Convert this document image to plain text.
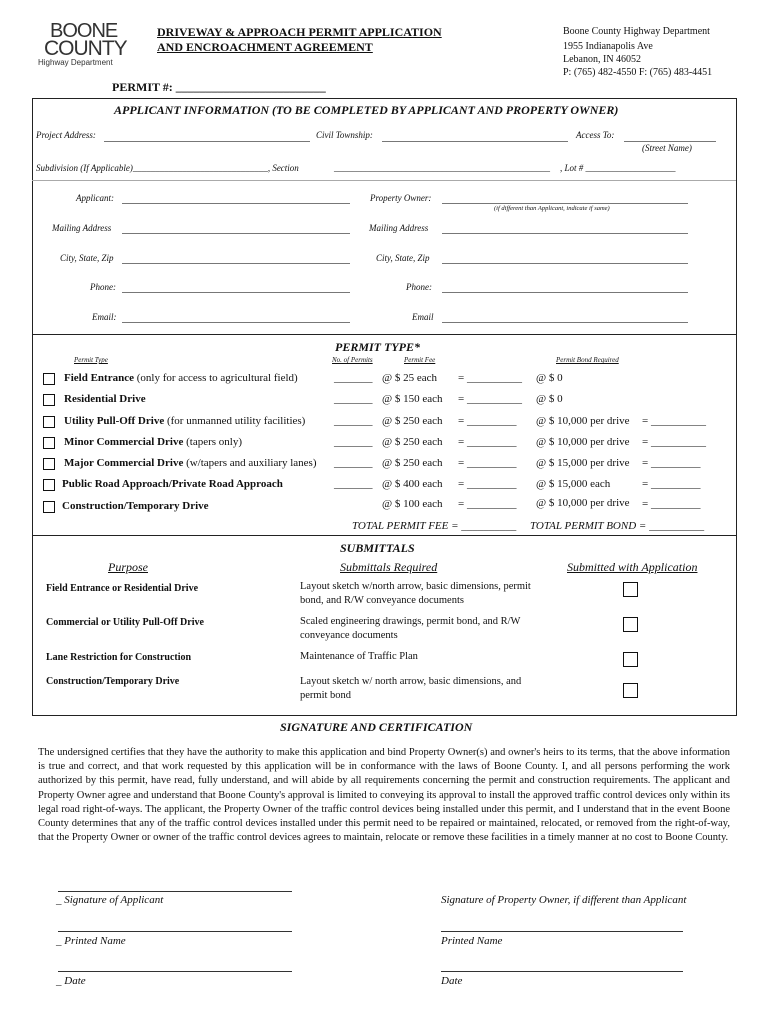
BOONE
COUNTY
Highway Department
DRIVEWAY & APPROACH PERMIT APPLICATION
AND ENCROACHMENT AGREEMENT
Boone County Highway Department
1955 Indianapolis Ave
Lebanon, IN 46052
P: (765) 482-4550 F: (765) 483-4451
PERMIT #: _________________________
APPLICANT INFORMATION (TO BE COMPLETED BY APPLICANT AND PROPERTY OWNER)
Project Address:	Civil Township:	Access To:
(Street Name)
Subdivision (If Applicable)______________________________, Section	________________________________________________ , Lot # ____________________
Applicant:	Property Owner:
(if different than Applicant, indicate if same)
Mailing Address	Mailing Address
City, State, Zip	City, State, Zip
Phone:	Phone:
Email:	Email
PERMIT TYPE*
Permit Type	No. of Permits	Permit Fee	Permit Bond Required
Field Entrance (only for access to agricultural field)	_______ @ $ 25 each = __________ @ $ 0
Residential Drive	_______ @ $ 150 each = __________ @ $ 0
Utility Pull-Off Drive (for unmanned utility facilities)	_______ @ $ 250 each = _________ @ $ 10,000 per drive = __________
Minor Commercial Drive (tapers only)	_______ @ $ 250 each = _________ @ $ 10,000 per drive = __________
Major Commercial Drive (w/tapers and auxiliary lanes) _______ @ $ 250 each = _________ @ $ 15,000 per drive = _________
Public Road Approach/Private Road Approach	_______ @ $ 400 each = _________ @ $ 15,000 each	= _________
Construction/Temporary Drive	@ $ 100 each = _________ @ $ 10,000 per drive = _________
TOTAL PERMIT FEE = __________ TOTAL PERMIT BOND = __________
SUBMITTALS
Purpose	Submittals Required	Submitted with Application
Field Entrance or Residential Drive	Layout sketch w/north arrow, basic dimensions, permit bond, and R/W conveyance documents
Commercial or Utility Pull-Off Drive	Scaled engineering drawings, permit bond, and R/W conveyance documents
Lane Restriction for Construction	Maintenance of Traffic Plan
Construction/Temporary Drive	Layout sketch w/ north arrow, basic dimensions, and permit bond
SIGNATURE AND CERTIFICATION
The undersigned certifies that they have the authority to make this application and bind Property Owner(s) and owner's heirs to its terms, that the above information is true and correct, and that work requested by this application will be in conformance with the laws of Boone County. I, and all persons performing the work authorized by this permit, have read, fully understand, and will abide by all requirements concerning the permit and construction requirements. The applicant and Property Owner agree and understand that Boone County's approval is limited to conveying its approval to install the approved traffic control devices only within its legal road right-of-ways. The applicant, the Property Owner of the traffic control devices being installed under this permit, and I understand that in the event Boone County determines that any of the traffic control devices installed under this permit need to be repaired or maintained, relocated, or removed from the right-of-way, that the Property Owner or owner of the traffic control devices agrees to maintain, relocate or remove these facilities in a timely manner at no cost to Boone County.
_ Signature of Applicant	Signature of Property Owner, if different than Applicant
_ Printed Name	Printed Name
_ Date	Date
